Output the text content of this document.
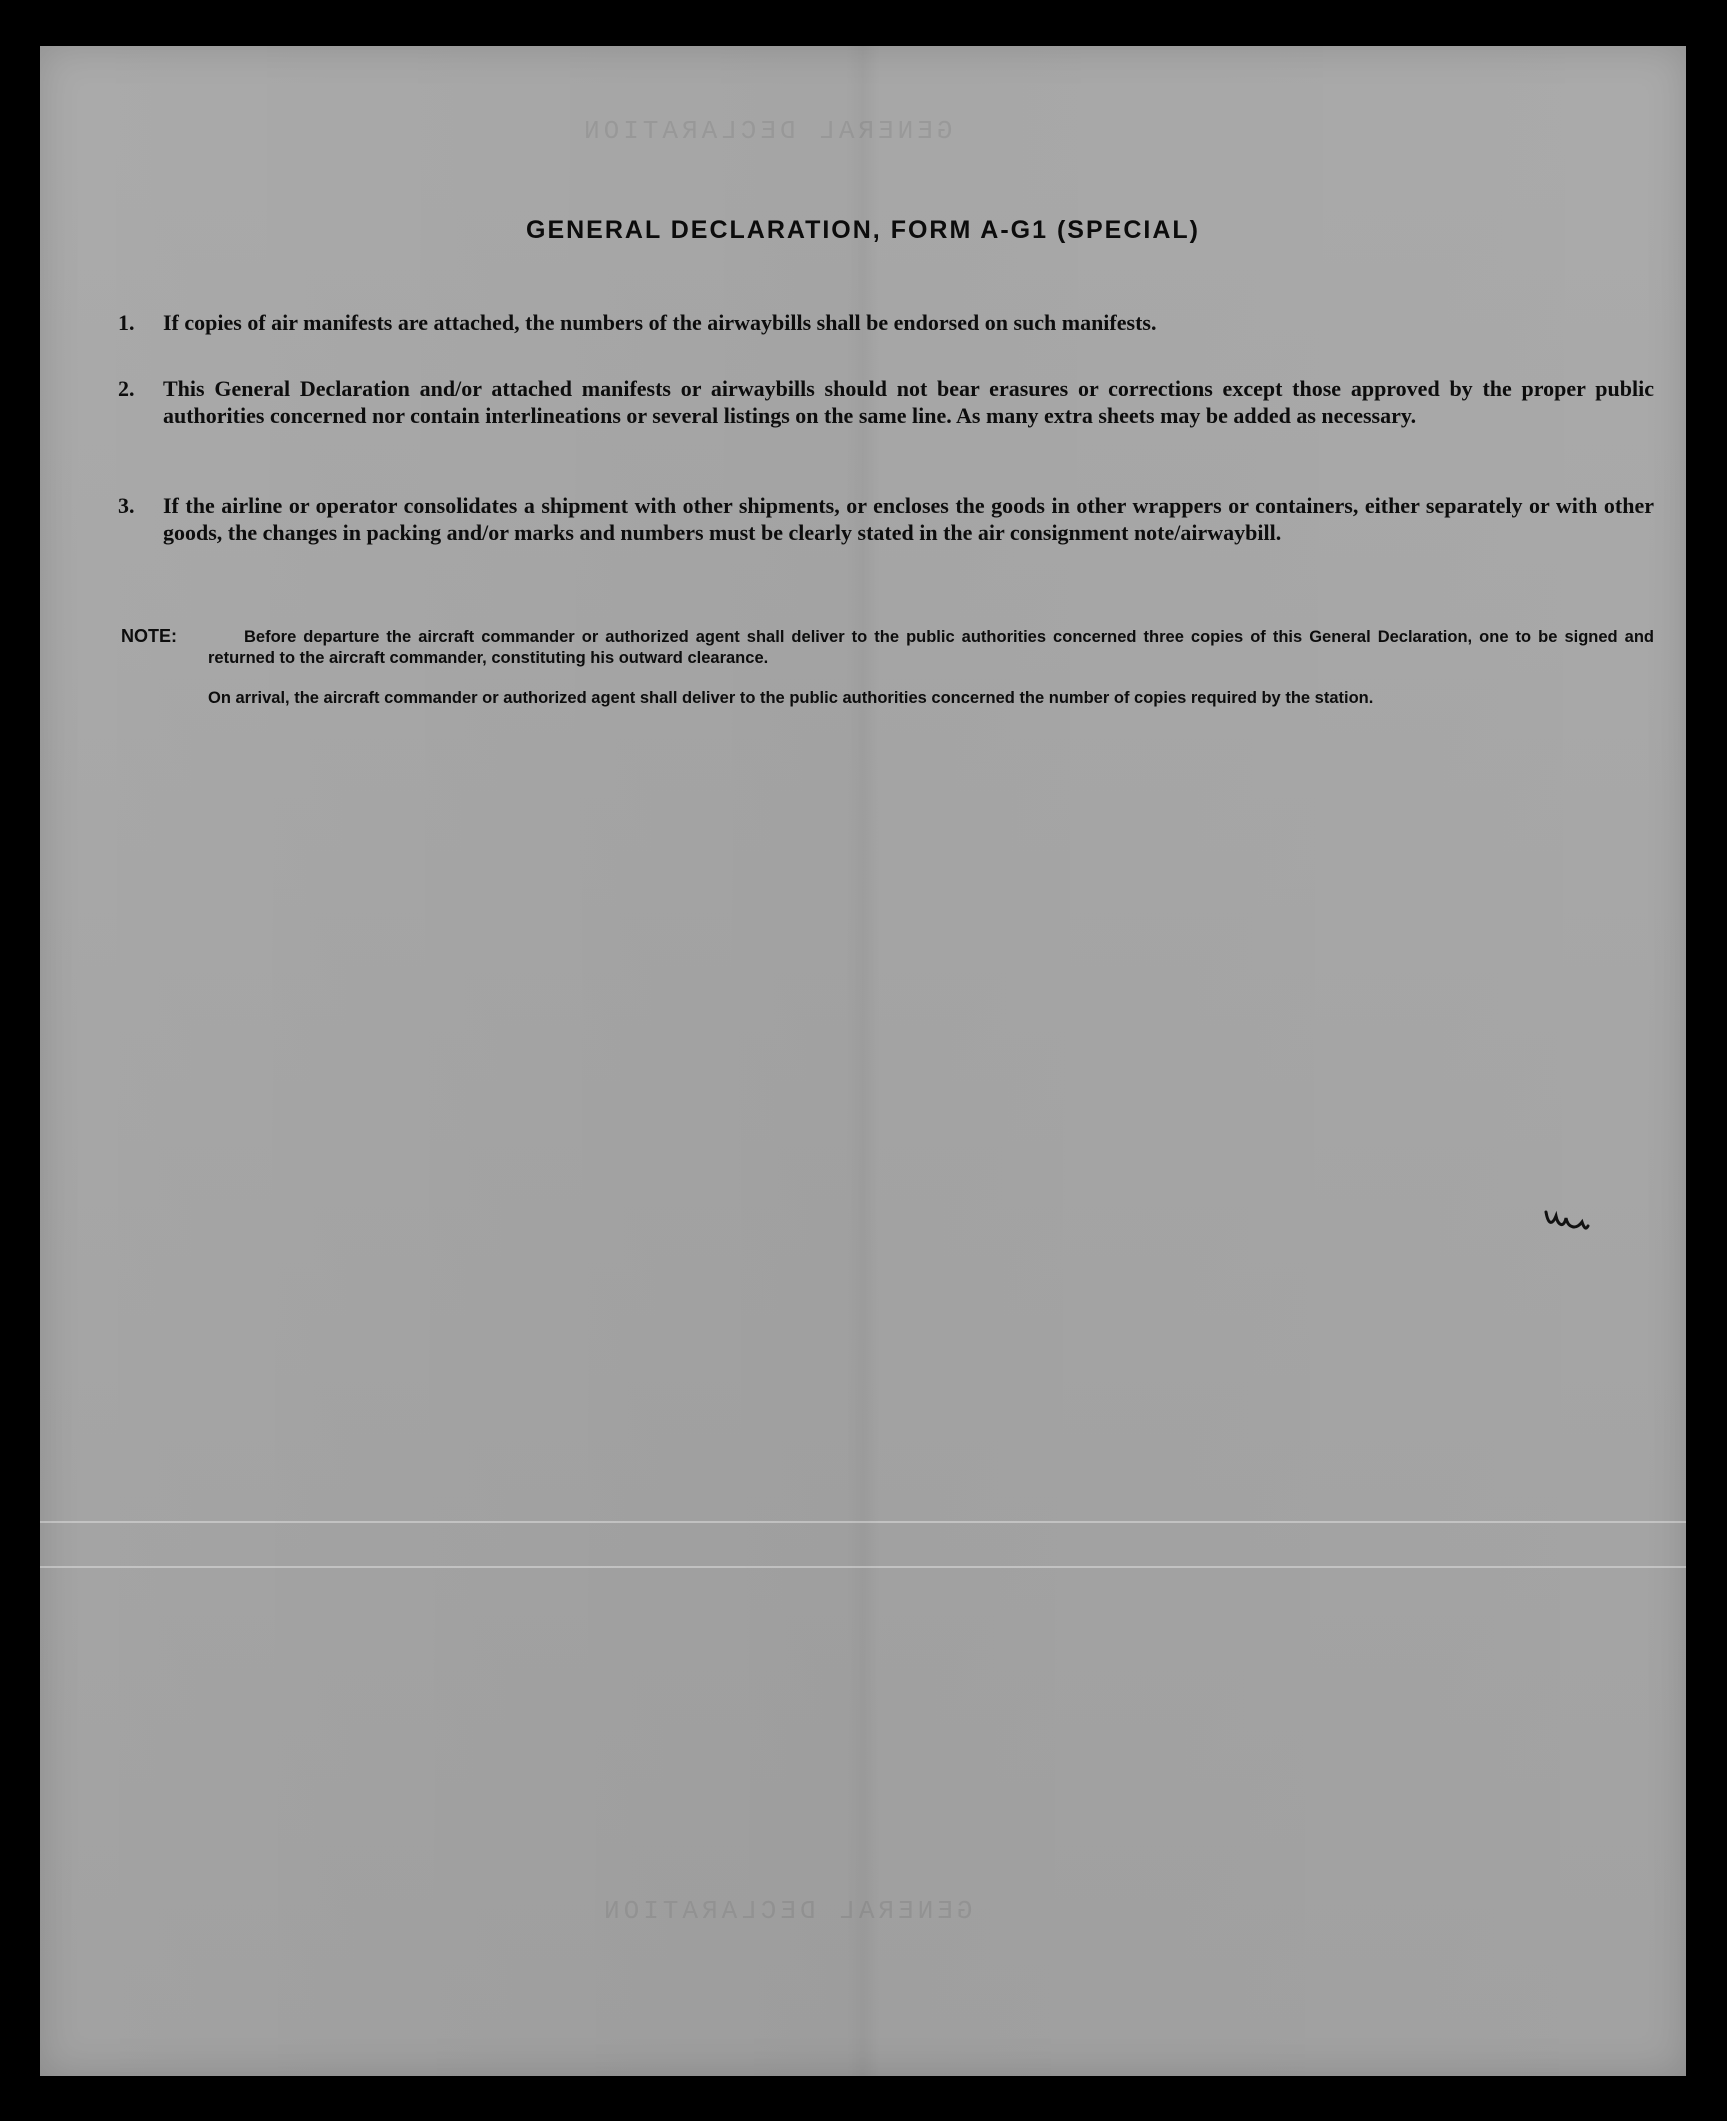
GENERAL DECLARATION
GENERAL DECLARATION
GENERAL DECLARATION, FORM A-G1 (SPECIAL)
1.	If copies of air manifests are attached, the numbers of the airwaybills shall be endorsed on such manifests.
2.	This General Declaration and/or attached manifests or airwaybills should not bear erasures or corrections except those approved by the proper public authorities concerned nor contain interlineations or several listings on the same line. As many extra sheets may be added as necessary.
3.	If the airline or operator consolidates a shipment with other shipments, or encloses the goods in other wrappers or containers, either separately or with other goods, the changes in packing and/or marks and numbers must be clearly stated in the air consignment note/airwaybill.
NOTE:	Before departure the aircraft commander or authorized agent shall deliver to the public authorities concerned three copies of this General Declaration, one to be signed and returned to the aircraft commander, constituting his outward clearance.
On arrival, the aircraft commander or authorized agent shall deliver to the public authorities concerned the number of copies required by the station.
